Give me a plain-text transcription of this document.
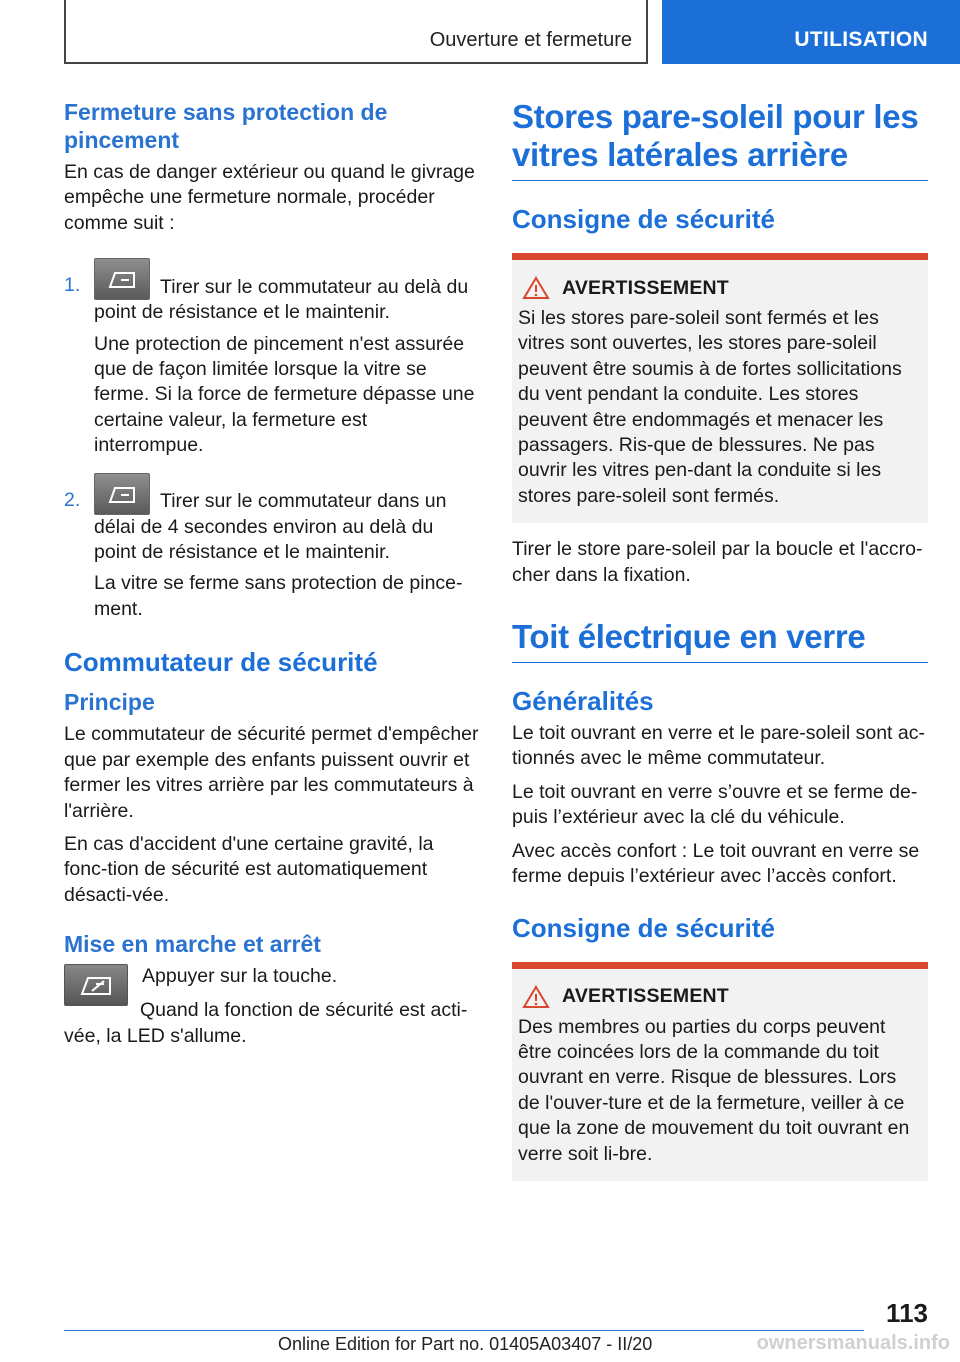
Ouverture et fermeture	UTILISATION
Fermeture sans protection de pincement

En cas de danger extérieur ou quand le givrage empêche une fermeture normale, procéder comme suit :

1.	Tirer sur le commutateur au delà du

point de résistance et le maintenir.

Une protection de pincement n'est assurée que de façon limitée lorsque la vitre se ferme. Si la force de fermeture dépasse une certaine valeur, la fermeture est interrompue.

2.	Tirer sur le commutateur dans un

délai de 4 secondes environ au delà du point de résistance et le maintenir.

La vitre se ferme sans protection de pince-ment.

Commutateur de sécurité
Principe

Le commutateur de sécurité permet d'empêcher que par exemple des enfants puissent ouvrir et fermer les vitres arrière par les commutateurs à l'arrière.

En cas d'accident d'une certaine gravité, la fonc-tion de sécurité est automatiquement désacti-vée.

Mise en marche et arrêt

Appuyer sur la touche.

Quand la fonction de sécurité est acti-vée, la LED s'allume.

Stores pare-soleil pour les vitres latérales arrière
Consigne de sécurité
AVERTISSEMENT

Si les stores pare-soleil sont fermés et les vitres sont ouvertes, les stores pare-soleil peuvent être soumis à de fortes sollicitations du vent pendant la conduite. Les stores peuvent être endommagés et menacer les passagers. Ris-que de blessures. Ne pas ouvrir les vitres pen-dant la conduite si les stores pare-soleil sont fermés.

Tirer le store pare-soleil par la boucle et l'accro-cher dans la fixation.

Toit électrique en verre
Généralités

Le toit ouvrant en verre et le pare-soleil sont ac-tionnés avec le même commutateur.

Le toit ouvrant en verre s’ouvre et se ferme de-puis l’extérieur avec la clé du véhicule.

Avec accès confort : Le toit ouvrant en verre se ferme depuis l’extérieur avec l’accès confort.

Consigne de sécurité
AVERTISSEMENT

Des membres ou parties du corps peuvent être coincées lors de la commande du toit ouvrant en verre. Risque de blessures. Lors de l'ouver-ture et de la fermeture, veiller à ce que la zone de mouvement du toit ouvrant en verre soit li-bre.

113
Online Edition for Part no. 01405A03407 - II/20	ownersmanuals.info
